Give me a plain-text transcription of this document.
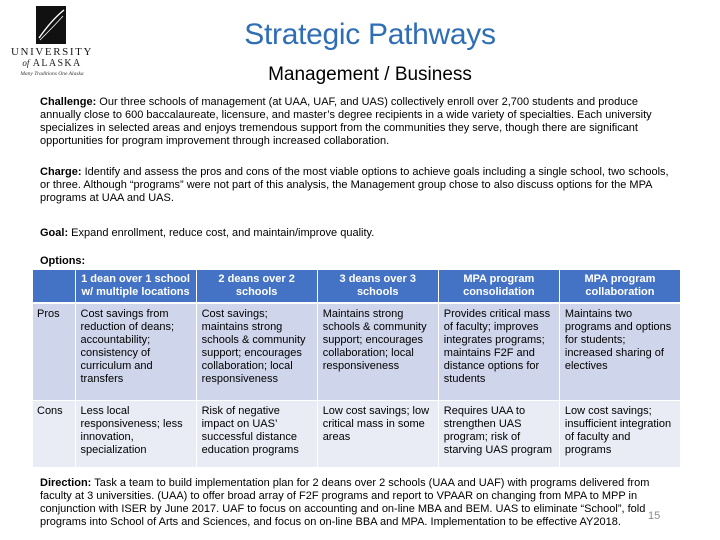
UNIVERSITY
of ALASKA
Many Traditions One Alaska
Strategic Pathways
Management / Business
Challenge: Our three schools of management (at UAA, UAF, and UAS) collectively enroll over 2,700 students and produce annually close to 600 baccalaureate, licensure, and master’s degree recipients in a wide variety of specialties. Each university specializes in selected areas and enjoys tremendous support from the communities they serve, though there are significant opportunities for program improvement through increased collaboration.
Charge: Identify and assess the pros and cons of the most viable options to achieve goals including a single school, two schools, or three. Although “programs” were not part of this analysis, the Management group chose to also discuss options for the MPA programs at UAA and UAS.
Goal: Expand enrollment, reduce cost, and maintain/improve quality.
Options:
	1 dean over 1 school w/ multiple locations	2 deans over 2 schools	3 deans over 3 schools	MPA program consolidation	MPA program collaboration
Pros	Cost savings from reduction of deans; accountability; consistency of curriculum and transfers	Cost savings; maintains strong schools & community support; encourages collaboration; local responsiveness	Maintains strong schools & community support; encourages collaboration; local responsiveness	Provides critical mass of faculty; improves integrates programs; maintains F2F and distance options for students	Maintains two programs and options for students; increased sharing of electives
Cons	Less local responsiveness; less innovation, specialization	Risk of negative impact on UAS’ successful distance education programs	Low cost savings; low critical mass in some areas	Requires UAA to strengthen UAS program; risk of starving UAS program	Low cost savings; insufficient integration of faculty and programs
Direction: Task a team to build implementation plan for 2 deans over 2 schools (UAA and UAF) with programs delivered from faculty at 3 universities. (UAA) to offer broad array of F2F programs and report to VPAAR on changing from MPA to MPP in conjunction with ISER by June 2017. UAF to focus on accounting and on-line MBA and BEM. UAS to eliminate “School”, fold programs into School of Arts and Sciences, and focus on on-line BBA and MPA. Implementation to be effective AY2018.	15
